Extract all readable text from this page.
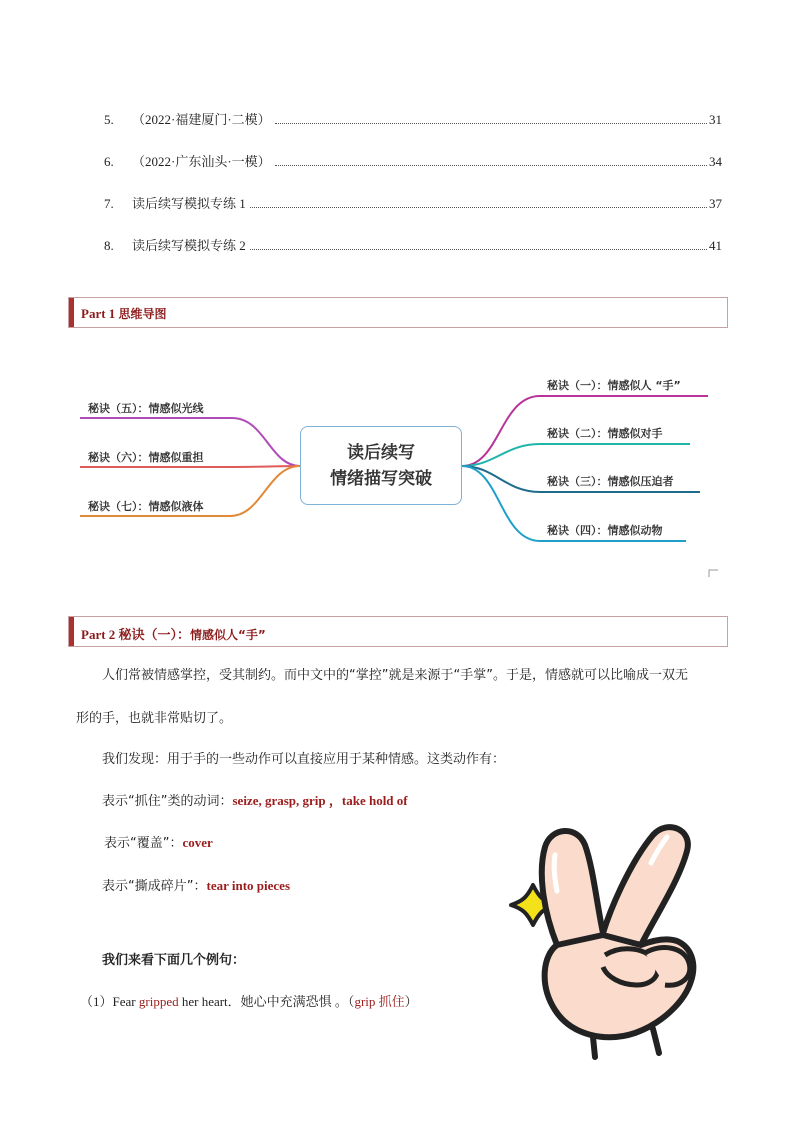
5.	（2022·福建厦门·二模）	31
6.	（2022·广东汕头·一模）	34
7.	读后续写模拟专练 1	37
8.	读后续写模拟专练 2	41
Part 1 思维导图
秘诀（五）：情感似光线
秘诀（六）：情感似重担
秘诀（七）：情感似液体
秘诀（一）：情感似人 “手”
秘诀（二）：情感似对手
秘诀（三）：情感似压迫者
秘诀（四）：情感似动物
读后续写
情绪描写突破
Part 2 秘诀（一）：情感似人“手”
人们常被情感掌控，受其制约。而中文中的“掌控”就是来源于“手掌”。于是，情感就可以比喻成一双无
形的手，也就非常贴切了。
我们发现：用于手的一些动作可以直接应用于某种情感。这类动作有：
表示“抓住”类的动词：seize, grasp, grip ，take hold of
表示“覆盖”：cover
表示“撕成碎片”：tear into pieces
我们来看下面几个例句：
（1）Fear gripped her heart．她心中充满恐惧 。（grip 抓住）
